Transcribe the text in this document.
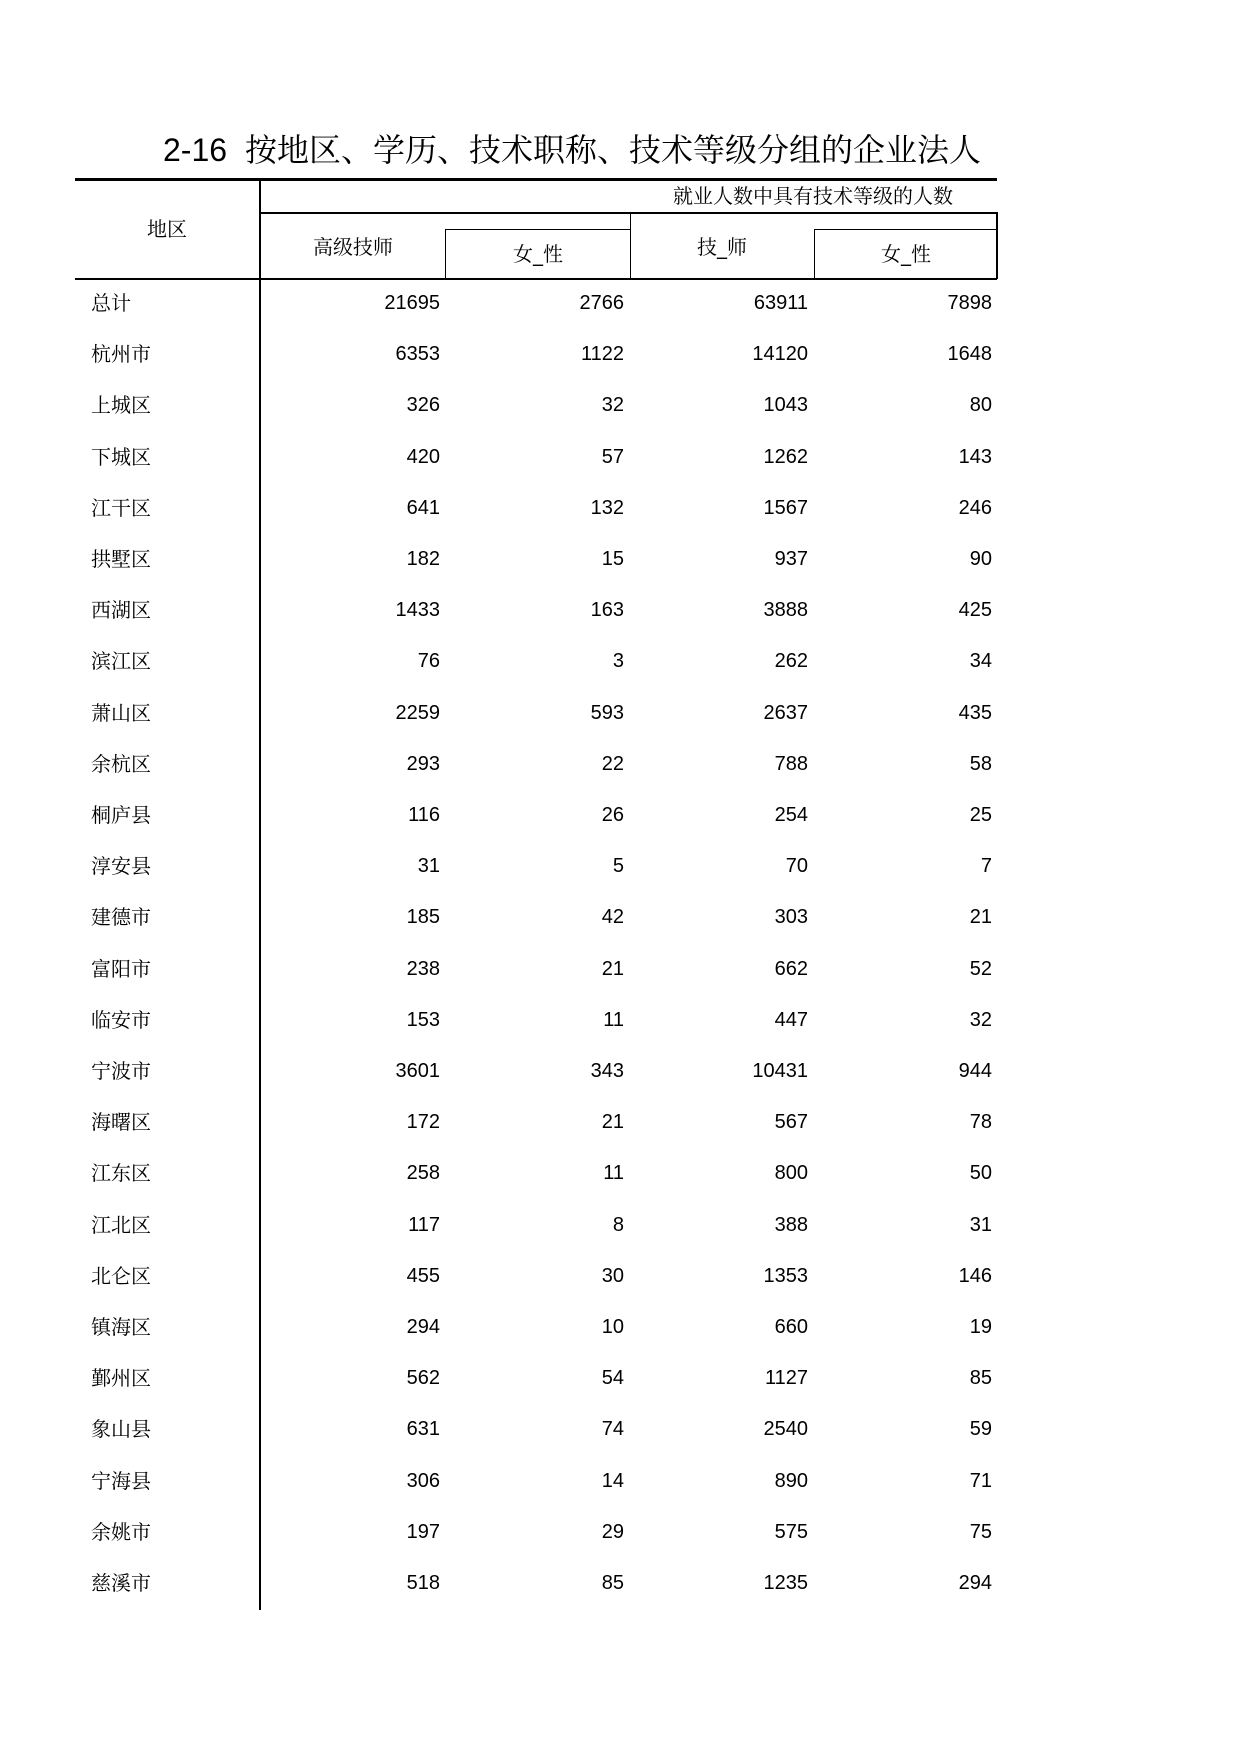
2-16 按地区、学历、技术职称、技术等级分组的企业法人
地区
就业人数中具有技术等级的人数
高级技师	女_性	技_师	女_性
总计	21695	2766	63911	7898
杭州市	6353	1122	14120	1648
上城区	326	32	1043	80
下城区	420	57	1262	143
江干区	641	132	1567	246
拱墅区	182	15	937	90
西湖区	1433	163	3888	425
滨江区	76	3	262	34
萧山区	2259	593	2637	435
余杭区	293	22	788	58
桐庐县	116	26	254	25
淳安县	31	5	70	7
建德市	185	42	303	21
富阳市	238	21	662	52
临安市	153	11	447	32
宁波市	3601	343	10431	944
海曙区	172	21	567	78
江东区	258	11	800	50
江北区	117	8	388	31
北仑区	455	30	1353	146
镇海区	294	10	660	19
鄞州区	562	54	1127	85
象山县	631	74	2540	59
宁海县	306	14	890	71
余姚市	197	29	575	75
慈溪市	518	85	1235	294
